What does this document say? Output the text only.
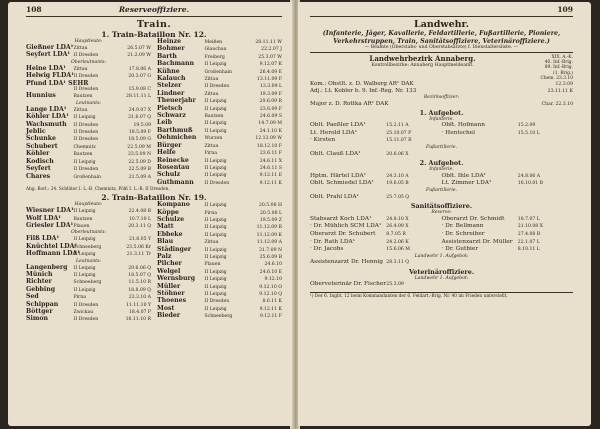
108	Reserveoffiziere.
Train.
1. Train-Bataillon Nr. 12.
Hauptleute:
Gießner LDA¹ Zittau	26.5.07 W
Seyfert LDA¹ II Dresden	21.2.09 W
Oberleutnants:
Heine LDA¹	Zittau	17.8.06 A
Helwig FLDA¹ II Dresden	20.3.07 G
Pfund LDA¹ SEHR
II Dresden	15.9.08 C
Hunnius	Bautzen	28.11.11 L
Leutnants:
Lange LDA¹	Zittau	24.9.07 X
Köhler LDA¹	II Leipzig	21.6.07 Q
Wachsmuth	II Dresden	19.5.09
Jeblic	II Dresden	18.5.09 F
Schunke	II Dresden	18.5.09 G
Schubert	Chemnitz	22.5.09 M
Köhler	Bautzen	23.5.09 N
Kodisch	II Leipzig	22.5.09 D
Seyfert	II Dresden	22.5.09 B
Chares	Großenhain	21.5.09 A
Heinze	Meißen	28.11.11 W
Bohmer	Glauchau	22.2.07 J
Barth	Freiberg	25.3.07 W
Bachmann	II Leipzig	9.12.07 K
Kühne	Großenhain	26.4.09 E
Kalauch	Zittau	13.11.09 F
Stelzer	II Dresden	13.3.09 L
Lindner	Zittau	19.3.09 F
Theuerjahr	II Leipzig	20.6.09 R
Pietsch	II Leipzig	23.6.09 F
Schwarz	Bautzen	24.6.09 S
Leib	II Leipzig	14.7.09 M
Barthmuß	II Leipzig	24.1.10 K
Oehmichen	Wurzen	12.12.09 W
Bürger	Zittau	18.12.10 F
Helfe	Pirna	23.6.11 F
Reinecke	II Leipzig	24.6.11 X
Rosentau	II Leipzig	24.6.11 S
Schulz	II Leipzig	9.12.11 E
Guthmann	II Dresden	9.12.11 K
Abg. Borl.: 24. Schlüter I. L.-B. Chemnitz, Pölß I. L.-B. II Dresden.
2. Train-Bataillon Nr. 19.
Hauptleute:
Wiesner LDA¹ II Leipzig	22.4.08 B
Wolf LDA¹	Bautzen	10.7.10 L
Griesler LDA¹ Plauen	20.3.11 Q
Oberleutnants:
Filß LDA¹	II Leipzig	21.8.05 Y
Knüchtel LDA¹
Schneeberg	23.5.06 Kr
Hoffmann LDA¹
II Leipzig	21.3.11 Tr
Leutnants:
Langenberg	II Leipzig	29.6.06 Q
Münich	II Leipzig	18.5.07 Q
Richter	Schneeberg	11.5.10 R
Gebbing	II Leipzig	18.8.09 Q
Sed	Pirna	23.3.10 A
Schippan	II Dresden	11.11.10 Y
Böttger	Zwickau	18.4.07 P
Simon	II Dresden	16.11.10 R
Kompano	II Leipzig	20.5.08 H
Köppe	Pirna	20.5.08 L
Schulze	II Leipzig	19.5.09 Z
Matt	II Leipzig	11.12.09 R
Ebbeke	II Leipzig	11.12.09 K
Blau	Zittau	11.12.09 A
Städinger	II Leipzig	31.7.09 N
Palz	II Leipzig	25.6.09 B
Pilcher	Plauen	24.6.10
Welgel	II Leipzig	24.6.10 E
Wernsburg	II Leipzig	9.12.10
Müller	II Leipzig	9.12.10 O
Stöhner	II Leipzig	9.12.10 Q
Thoenes	II Dresden	8.6.11 K
Most	II Leipzig	9.12.11 K
Bieder	Schneeberg	9.12.11 F
109
Landwehr.
(Infanterie, Jäger, Kavallerie, Feldartillerie, Fußartillerie, Pioniere, Verkehrstruppen, Train, Sanitätsoffiziere, Veterinäroffiziere.)
— Beamte (Oberstabs- und Oberstabsärzte) f. Dienstaltersliste. —
Landwehrbezirk Annaberg.
Kontrollbezirke: Annaberg Hauptmeldeamt.
XIX. A.-K.
40. Inf.-Brig.
89. Inf.-Brig.
(1. Brig.)
Chem. 23.3.10
Kom.: Obstlt. z. D. Walberg AR¹ DAK	12.3.09
Adj.: Lt. Kobler b. 9. Inf.-Reg. Nr. 133	23.11.11 K
Bezirksoffizier:
Major z. D. Rottka AR¹ DAK	Char. 22.3.10
1. Aufgebot.
Infanterie.
Oblt. Paeßler LDA¹	15.2.11 A	Oblt. Hofmann	15.2.09
Lt. Herold LDA¹	25.10.07 P	· Hentschel	15.5.10 L
· Kirsten	15.11.07 R
Fußartillerie.
Oblt. Clauß LDA¹	20.6.06 X
2. Aufgebot.
Infanterie.
Hptm. Härtel LDA¹	24.3.10 A	Oblt. Ihle LDA¹	24.8.06 A
Oblt. Schmiedel LDA¹	19.6.05 B	Lt. Zimmer LDA¹	16.10.01 B
Fußartillerie.
Oblt. Prahl LDA¹	25.7.05 Q
Sanitätsoffiziere.
Reserve:
Stabsarzt Koch LDA¹	24.8.10 X	Oberarzt Dr. Schmidt	18.7.07 L
· Dr. Mühlich SCM LDA¹	26.4.09 X	· Dr. Bellmann	21.10.08 X
Oberarzt Dr. Schubert	8.7.05 R	· Dr. Schreiber	27.4.08 R
· Dr. Rath LDA¹	24.2.06 K	Assistenzarzt Dr. Müller	22.1.07 L
· Dr. Jacobs	15.6.06 M	· Dr. Gutbier	8.10.11 L
Landwehr 1. Aufgebot:
Assistenzarzt Dr. Hennig 28.3.11 Q
Veterinäroffiziere.
Landwehr 1. Aufgebot:
Oberveterinär Dr. Fischer 25.3.09
¹) Der 6. Ingbt. 12 beim Kommandanten der 6. Feldart.-Brig. Nr. 40 im Frieden unterstellt.
